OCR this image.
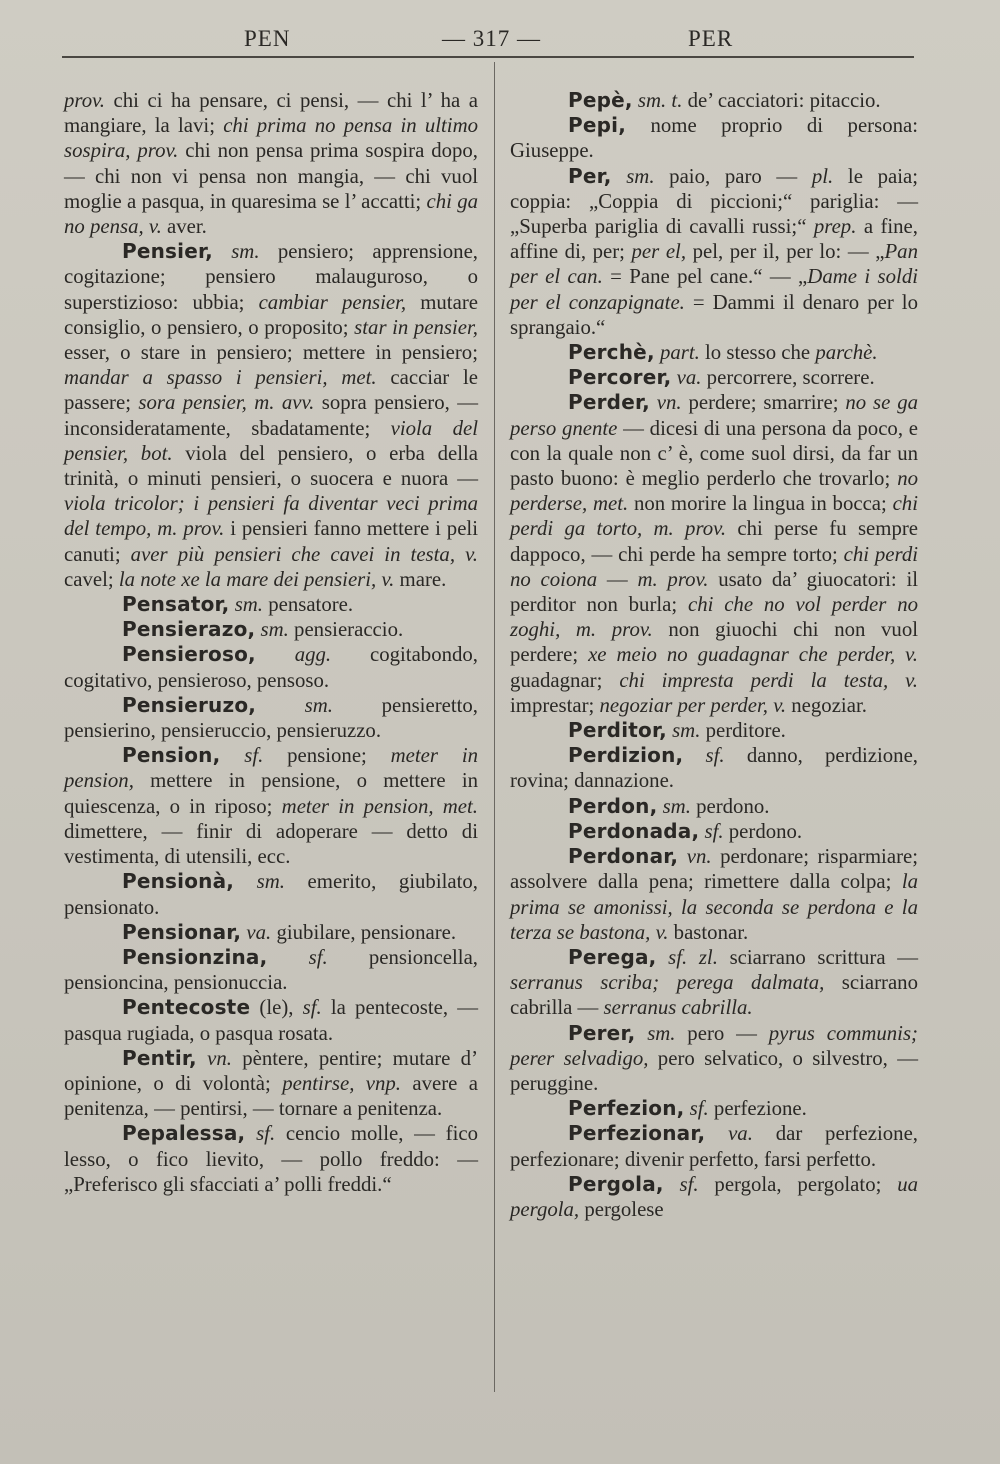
PEN	— 317 —	PER

prov. chi ci ha pensare, ci pensi, — chi l’ ha a mangiare, la lavi; chi prima no pensa in ultimo sospira, prov. chi non pensa prima sospira dopo, — chi non vi pensa non mangia, — chi vuol moglie a pasqua, in quaresima se l’ accatti; chi ga no pensa, v. aver.

Pensier, sm. pensiero; apprensione, cogitazione; pensiero malauguroso, o superstizioso: ubbia; cambiar pensier, mutare consiglio, o pensiero, o proposito; star in pensier, esser, o stare in pensiero; mettere in pensiero; mandar a spasso i pensieri, met. cacciar le passere; sora pensier, m. avv. sopra pensiero, — inconsideratamente, sbadatamente; viola del pensier, bot. viola del pensiero, o erba della trinità, o minuti pensieri, o suocera e nuora — viola tricolor; i pensieri fa diventar veci prima del tempo, m. prov. i pensieri fanno mettere i peli canuti; aver più pensieri che cavei in testa, v. cavel; la note xe la mare dei pensieri, v. mare.

Pensator, sm. pensatore.

Pensierazo, sm. pensieraccio.

Pensieroso, agg. cogitabondo, cogitativo, pensieroso, pensoso.

Pensieruzo, sm. pensieretto, pensierino, pensieruccio, pensieruzzo.

Pension, sf. pensione; meter in pension, mettere in pensione, o mettere in quiescenza, o in riposo; meter in pension, met. dimettere, — finir di adoperare — detto di vestimenta, di utensili, ecc.

Pensionà, sm. emerito, giubilato, pensionato.

Pensionar, va. giubilare, pensionare.

Pensionzina, sf. pensioncella, pensioncina, pensionuccia.

Pentecoste (le), sf. la pentecoste, — pasqua rugiada, o pasqua rosata.

Pentir, vn. pèntere, pentire; mutare d’ opinione, o di volontà; pentirse, vnp. avere a penitenza, — pentirsi, — tornare a penitenza.

Pepalessa, sf. cencio molle, — fico lesso, o fico lievito, — pollo freddo: — „Preferisco gli sfacciati a’ polli freddi.“

Pepè, sm. t. de’ cacciatori: pitaccio.

Pepi, nome proprio di persona: Giuseppe.

Per, sm. paio, paro — pl. le paia; coppia: „Coppia di piccioni;“ pariglia: — „Superba pariglia di cavalli russi;“ prep. a fine, affine di, per; per el, pel, per il, per lo: — „Pan per el can. = Pane pel cane.“ — „Dame i soldi per el conzapignate. = Dammi il denaro per lo sprangaio.“

Perchè, part. lo stesso che parchè.

Percorer, va. percorrere, scorrere.

Perder, vn. perdere; smarrire; no se ga perso gnente — dicesi di una persona da poco, e con la quale non c’ è, come suol dirsi, da far un pasto buono: è meglio perderlo che trovarlo; no perderse, met. non morire la lingua in bocca; chi perdi ga torto, m. prov. chi perse fu sempre dappoco, — chi perde ha sempre torto; chi perdi no coiona — m. prov. usato da’ giuocatori: il perditor non burla; chi che no vol perder no zoghi, m. prov. non giuochi chi non vuol perdere; xe meio no guadagnar che perder, v. guadagnar; chi impresta perdi la testa, v. imprestar; negoziar per perder, v. negoziar.

Perditor, sm. perditore.

Perdizion, sf. danno, perdizione, rovina; dannazione.

Perdon, sm. perdono.

Perdonada, sf. perdono.

Perdonar, vn. perdonare; risparmiare; assolvere dalla pena; rimettere dalla colpa; la prima se amonissi, la seconda se perdona e la terza se bastona, v. bastonar.

Perega, sf. zl. sciarrano scrittura — serranus scriba; perega dalmata, sciarrano cabrilla — serranus cabrilla.

Perer, sm. pero — pyrus communis; perer selvadigo, pero selvatico, o silvestro, — peruggine.

Perfezion, sf. perfezione.

Perfezionar, va. dar perfezione, perfezionare; divenir perfetto, farsi perfetto.

Pergola, sf. pergola, pergolato; ua pergola, pergolese
